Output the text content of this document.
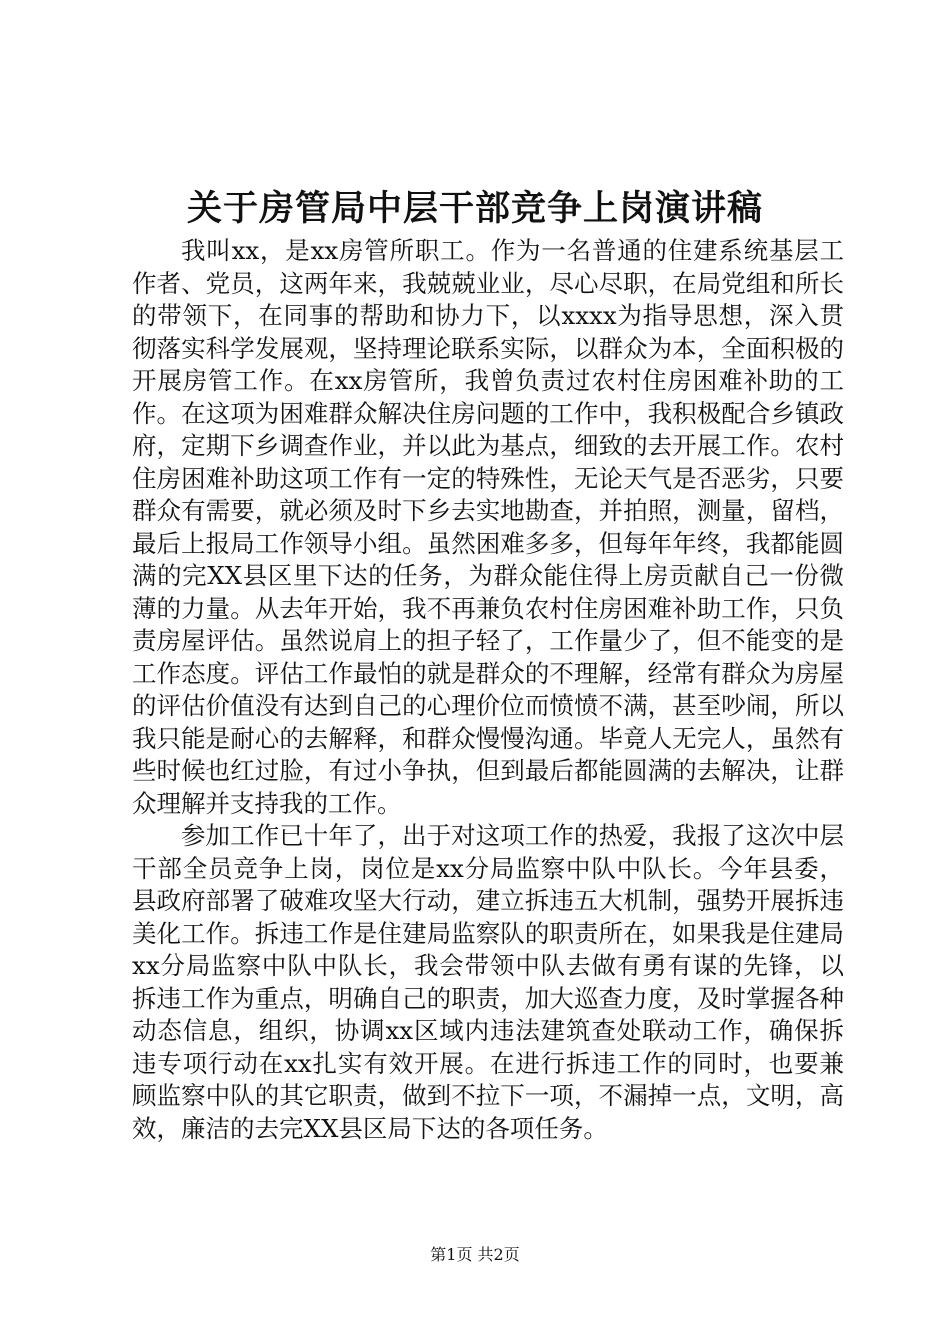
关于房管局中层干部竞争上岗演讲稿

我叫xx，是xx房管所职工。作为一名普通的住建系统基层工作者、党员，这两年来，我兢兢业业，尽心尽职，在局党组和所长的带领下，在同事的帮助和协力下，以xxxx为指导思想，深入贯彻落实科学发展观，坚持理论联系实际，以群众为本，全面积极的开展房管工作。在xx房管所，我曾负责过农村住房困难补助的工作。在这项为困难群众解决住房问题的工作中，我积极配合乡镇政府，定期下乡调查作业，并以此为基点，细致的去开展工作。农村住房困难补助这项工作有一定的特殊性，无论天气是否恶劣，只要群众有需要，就必须及时下乡去实地勘查，并拍照，测量，留档，最后上报局工作领导小组。虽然困难多多，但每年年终，我都能圆满的完XX县区里下达的任务，为群众能住得上房贡献自己一份微薄的力量。从去年开始，我不再兼负农村住房困难补助工作，只负责房屋评估。虽然说肩上的担子轻了，工作量少了，但不能变的是工作态度。评估工作最怕的就是群众的不理解，经常有群众为房屋的评估价值没有达到自己的心理价位而愤愤不满，甚至吵闹，所以我只能是耐心的去解释，和群众慢慢沟通。毕竟人无完人，虽然有些时候也红过脸，有过小争执，但到最后都能圆满的去解决，让群众理解并支持我的工作。

参加工作已十年了，出于对这项工作的热爱，我报了这次中层干部全员竞争上岗，岗位是xx分局监察中队中队长。今年县委，县政府部署了破难攻坚大行动，建立拆违五大机制，强势开展拆违美化工作。拆违工作是住建局监察队的职责所在，如果我是住建局xx分局监察中队中队长，我会带领中队去做有勇有谋的先锋，以拆违工作为重点，明确自己的职责，加大巡查力度，及时掌握各种动态信息，组织，协调xx区域内违法建筑查处联动工作，确保拆违专项行动在xx扎实有效开展。在进行拆违工作的同时，也要兼顾监察中队的其它职责，做到不拉下一项，不漏掉一点，文明，高效，廉洁的去完XX县区局下达的各项任务。

第1页 共2页
